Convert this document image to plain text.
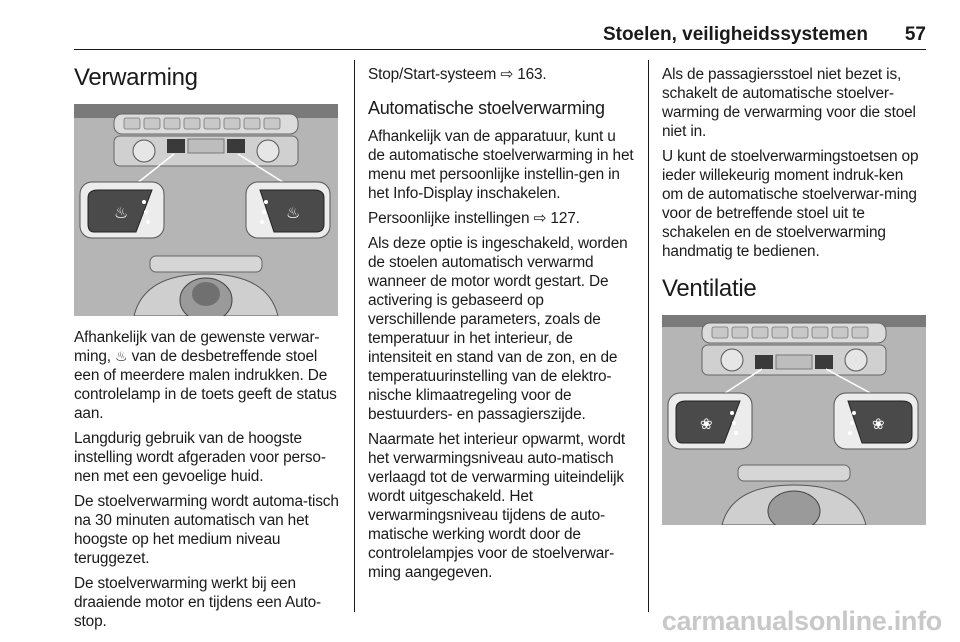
Stoelen, veiligheidssystemen 57
Verwarming
♨	♨

Afhankelijk van de gewenste verwar-ming, ♨ van de desbetreffende stoel een of meerdere malen indrukken. De controlelamp in de toets geeft de status aan.

Langdurig gebruik van de hoogste instelling wordt afgeraden voor perso-nen met een gevoelige huid.

De stoelverwarming wordt automa-tisch na 30 minuten automatisch van het hoogste op het medium niveau teruggezet.

De stoelverwarming werkt bij een draaiende motor en tijdens een Auto-stop.

Stop/Start-systeem ⇨ 163.

Automatische stoelverwarming

Afhankelijk van de apparatuur, kunt u de automatische stoelverwarming in het menu met persoonlijke instellin-gen in het Info-Display inschakelen.

Persoonlijke instellingen ⇨ 127.

Als deze optie is ingeschakeld, worden de stoelen automatisch verwarmd wanneer de motor wordt gestart. De activering is gebaseerd op verschillende parameters, zoals de temperatuur in het interieur, de intensiteit en stand van de zon, en de temperatuurinstelling van de elektro-nische klimaatregeling voor de bestuurders- en passagierszijde.

Naarmate het interieur opwarmt, wordt het verwarmingsniveau auto-matisch verlaagd tot de verwarming uiteindelijk wordt uitgeschakeld. Het verwarmingsniveau tijdens de auto-matische werking wordt door de controlelampjes voor de stoelverwar-ming aangegeven.

Als de passagiersstoel niet bezet is, schakelt de automatische stoelver-warming de verwarming voor die stoel niet in.

U kunt de stoelverwarmingstoetsen op ieder willekeurig moment indruk-ken om de automatische stoelverwar-ming voor de betreffende stoel uit te schakelen en de stoelverwarming handmatig te bedienen.

Ventilatie
❀	❀
carmanualsonline.info
